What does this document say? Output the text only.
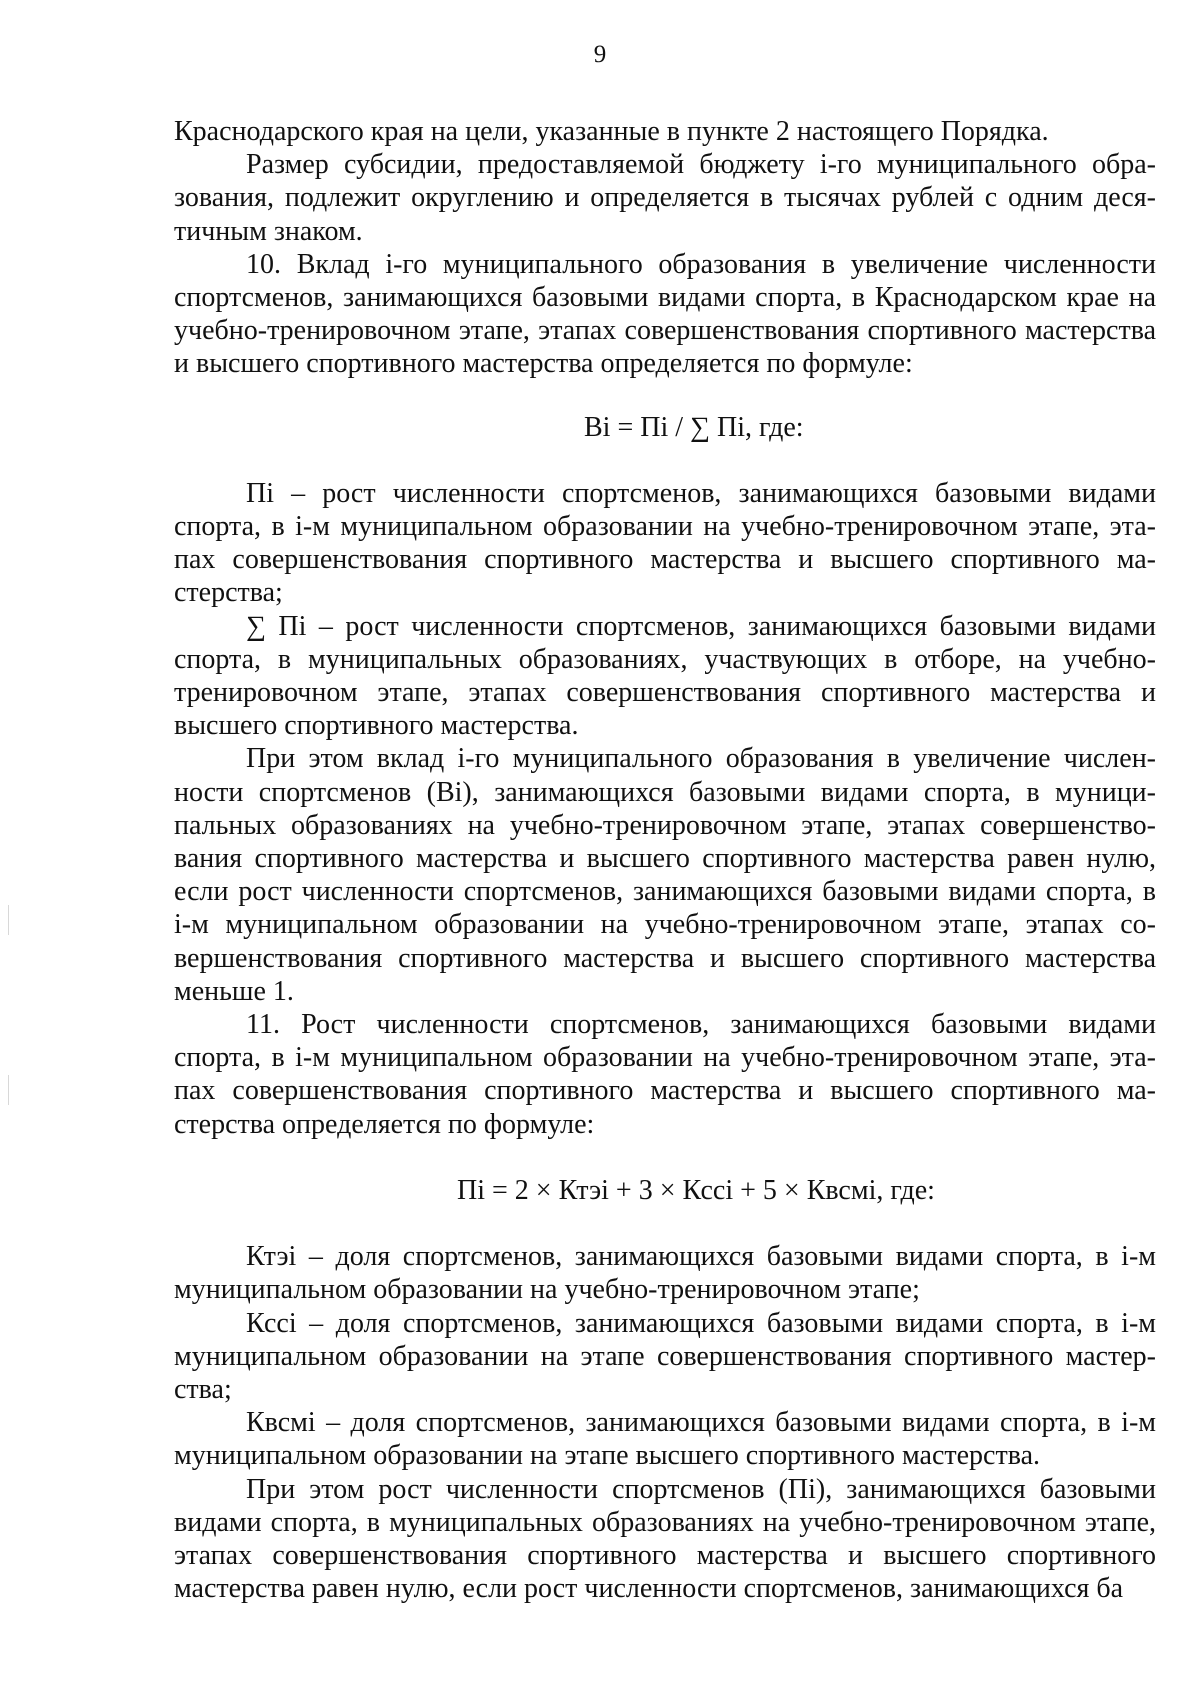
9

Краснодарского края на цели, указанные в пункте 2 настоящего Порядка.

Размер субсидии, предоставляемой бюджету i-го муниципального образования, подлежит округлению и определяется в тысячах рублей с одним десятичным знаком.

10. Вклад i-го муниципального образования в увеличение численности спортсменов, занимающихся базовыми видами спорта, в Краснодарском крае на учебно-тренировочном этапе, этапах совершенствования спортивного мастерства и высшего спортивного мастерства определяется по формуле:

Вi = Пi / ∑ Пi, где:

Пi – рост численности спортсменов, занимающихся базовыми видами спорта, в i-м муниципальном образовании на учебно-тренировочном этапе, этапах совершенствования спортивного мастерства и высшего спортивного мастерства;

∑ Пi – рост численности спортсменов, занимающихся базовыми видами спорта, в муниципальных образованиях, участвующих в отборе, на учебно-тренировочном этапе, этапах совершенствования спортивного мастерства и высшего спортивного мастерства.

При этом вклад i-го муниципального образования в увеличение численности спортсменов (Вi), занимающихся базовыми видами спорта, в муниципальных образованиях на учебно-тренировочном этапе, этапах совершенствования спортивного мастерства и высшего спортивного мастерства равен нулю, если рост численности спортсменов, занимающихся базовыми видами спорта, в i-м муниципальном образовании на учебно-тренировочном этапе, этапах совершенствования спортивного мастерства и высшего спортивного мастерства меньше 1.

11. Рост численности спортсменов, занимающихся базовыми видами спорта, в i-м муниципальном образовании на учебно-тренировочном этапе, этапах совершенствования спортивного мастерства и высшего спортивного мастерства определяется по формуле:

Пi = 2 × Ктэi + 3 × Кссi + 5 × Квсмi, где:

Ктэi – доля спортсменов, занимающихся базовыми видами спорта, в i-м муниципальном образовании на учебно-тренировочном этапе;

Кссi – доля спортсменов, занимающихся базовыми видами спорта, в i-м муниципальном образовании на этапе совершенствования спортивного мастерства;

Квсмi – доля спортсменов, занимающихся базовыми видами спорта, в i-м муниципальном образовании на этапе высшего спортивного мастерства.

При этом рост численности спортсменов (Пi), занимающихся базовыми видами спорта, в муниципальных образованиях на учебно-тренировочном этапе, этапах совершенствования спортивного мастерства и высшего спортивного мастерства равен нулю, если рост численности спортсменов, занимающихся ба
